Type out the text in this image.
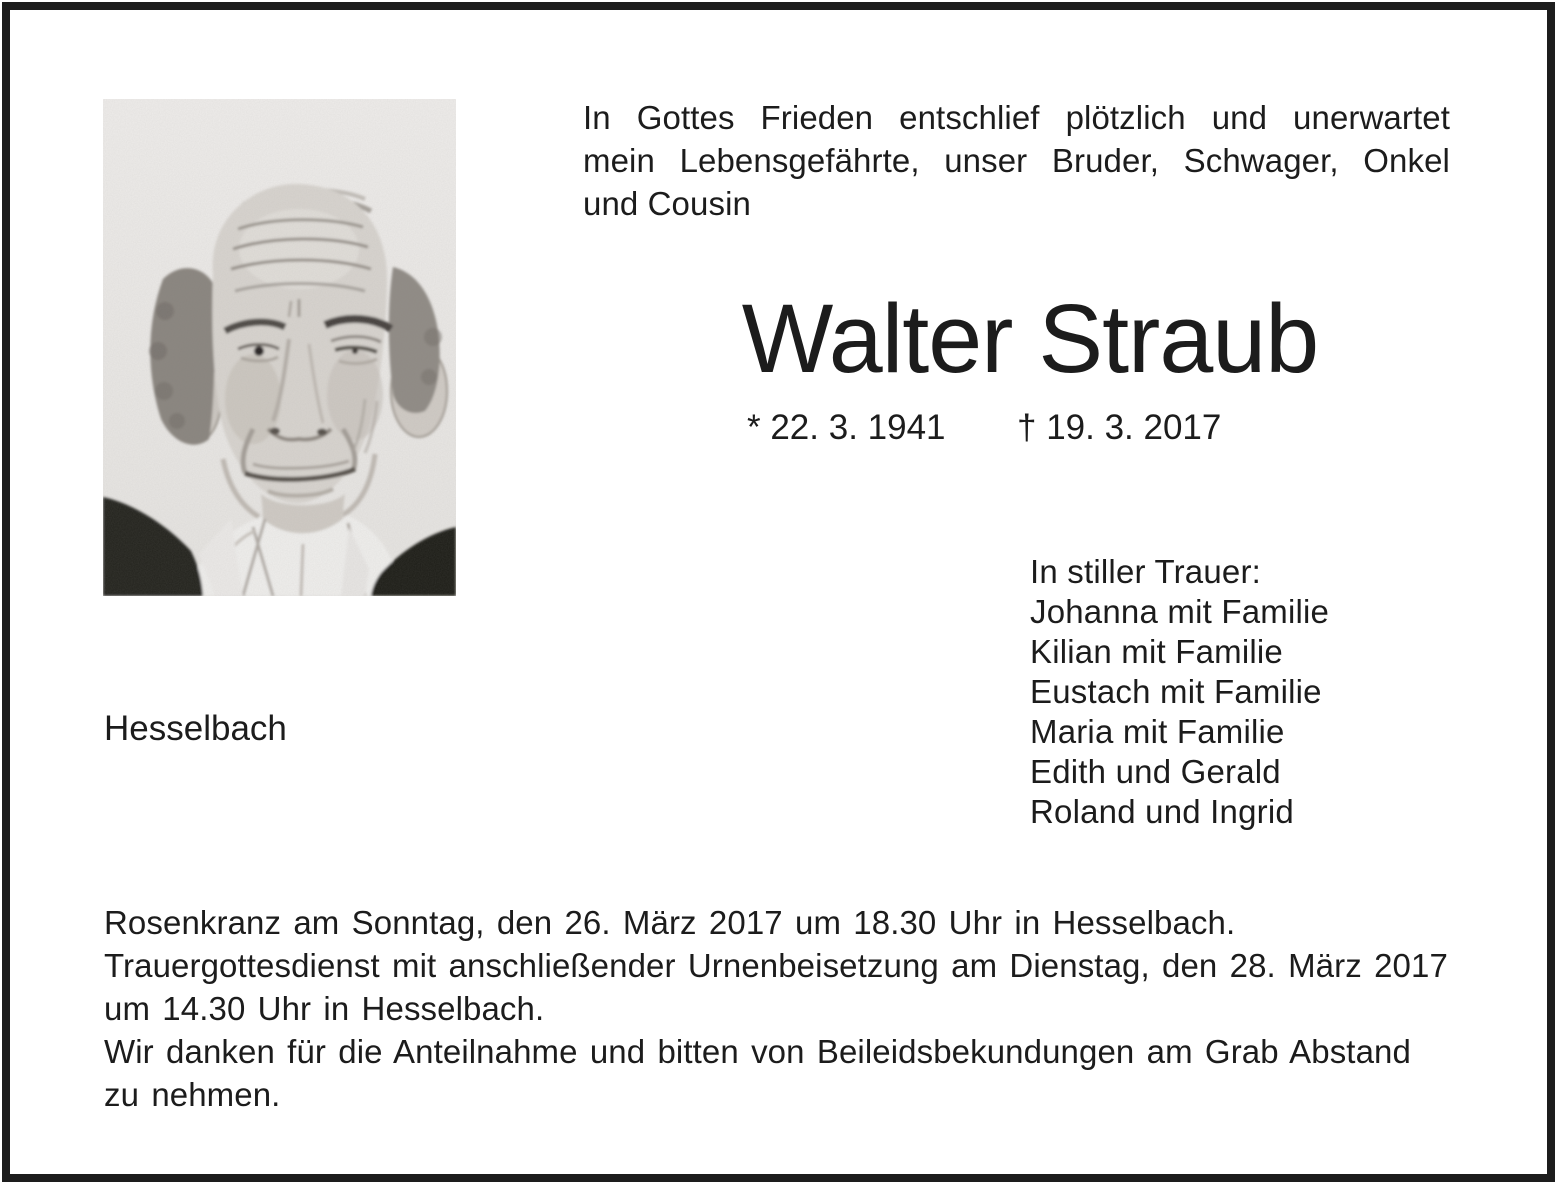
In Gottes Frieden entschlief plötzlich und unerwartet
mein Lebensgefährte, unser Bruder, Schwager, Onkel
und Cousin
Walter Straub
* 22. 3. 1941 † 19. 3. 2017
In stiller Trauer:
Johanna mit Familie
Kilian mit Familie
Eustach mit Familie
Maria mit Familie
Edith und Gerald
Roland und Ingrid
Hesselbach
Rosenkranz am Sonntag, den 26. März 2017 um 18.30 Uhr in Hesselbach.
Trauergottesdienst mit anschließender Urnenbeisetzung am Dienstag, den 28. März 2017
um 14.30 Uhr in Hesselbach.
Wir danken für die Anteilnahme und bitten von Beileidsbekundungen am Grab Abstand
zu nehmen.
